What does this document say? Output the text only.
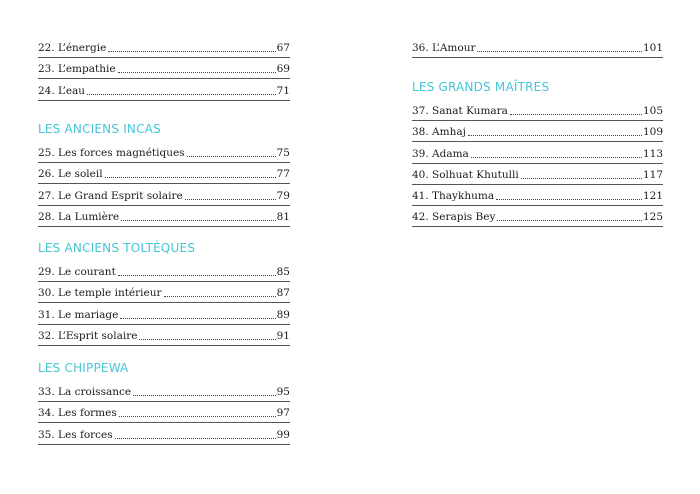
22. L’énergie	67
23. L’empathie	69
24. L’eau	71
LES ANCIENS INCAS
25. Les forces magnétiques	75
26. Le soleil	77
27. Le Grand Esprit solaire	79
28. La Lumière	81
LES ANCIENS TOLTÈQUES
29. Le courant	85
30. Le temple intérieur	87
31. Le mariage	89
32. L’Esprit solaire	91
LES CHIPPEWA
33. La croissance	95
34. Les formes	97
35. Les forces	99
36. L’Amour	101
LES GRANDS MAÎTRES
37. Sanat Kumara	105
38. Amhaj	109
39. Adama	113
40. Solhuat Khutulli	117
41. Thaykhuma	121
42. Serapis Bey	125
